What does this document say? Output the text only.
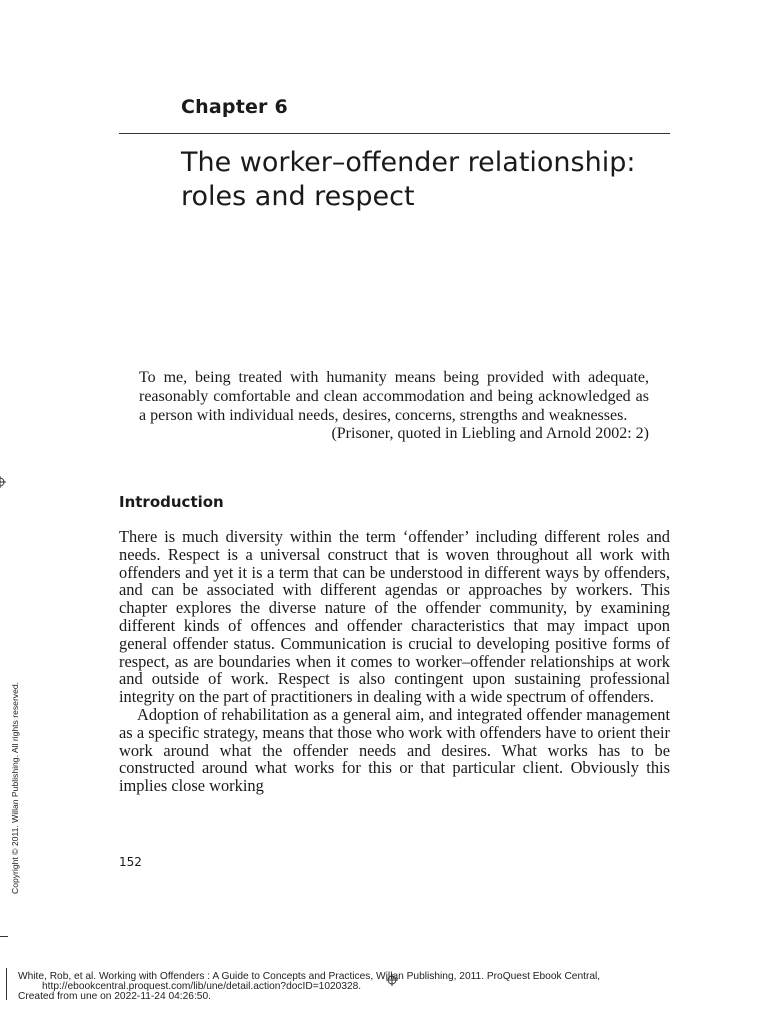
Chapter 6
The worker–offender relationship:
roles and respect

To me, being treated with humanity means being provided with adequate, reasonably comfortable and clean accommodation and being acknowledged as a person with individual needs, desires, concerns, strengths and weaknesses.

(Prisoner, quoted in Liebling and Arnold 2002: 2)

Introduction

There is much diversity within the term ‘offender’ including different roles and needs. Respect is a universal construct that is woven throughout all work with offenders and yet it is a term that can be understood in different ways by offenders, and can be associated with different agendas or approaches by workers. This chapter explores the diverse nature of the offender community, by examining different kinds of offences and offender characteristics that may impact upon general offender status. Communication is crucial to developing positive forms of respect, as are boundaries when it comes to worker–offender relationships at work and outside of work. Respect is also contingent upon sustaining professional integrity on the part of practitioners in dealing with a wide spectrum of offenders.

Adoption of rehabilitation as a general aim, and integrated offender management as a specific strategy, means that those who work with offenders have to orient their work around what the offender needs and desires. What works has to be constructed around what works for this or that particular client. Obviously this implies close working

152
Copyright © 2011. Willan Publishing. All rights reserved.
White, Rob, et al. Working with Offenders : A Guide to Concepts and Practices, Willan Publishing, 2011. ProQuest Ebook Central,
http://ebookcentral.proquest.com/lib/une/detail.action?docID=1020328.
Created from une on 2022-11-24 04:26:50.
